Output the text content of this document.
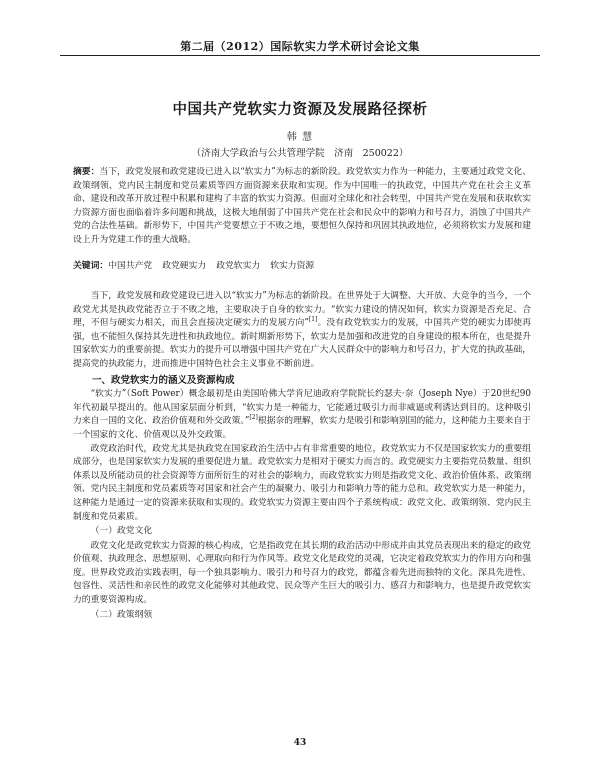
第二届（2012）国际软实力学术研讨会论文集
中国共产党软实力资源及发展路径探析
韩 慧
（济南大学政治与公共管理学院　济南　250022）
摘要：当下，政党发展和政党建设已进入以“软实力”为标志的新阶段。政党软实力作为一种能力，主要通过政党文化、政策纲领、党内民主制度和党员素质等四方面资源来获取和实现。作为中国唯一的执政党，中国共产党在社会主义革命、建设和改革开放过程中积累和建构了丰富的软实力资源。但面对全球化和社会转型，中国共产党在发展和获取软实力资源方面也面临着许多问题和挑战，这极大地削弱了中国共产党在社会和民众中的影响力和号召力，消蚀了中国共产党的合法性基础。新形势下，中国共产党要想立于不败之地，要想恒久保持和巩固其执政地位，必须将软实力发展和建设上升为党建工作的重大战略。
关键词：中国共产党 政党硬实力 政党软实力 软实力资源

当下，政党发展和政党建设已进入以“软实力”为标志的新阶段。在世界处于大调整、大开放、大竞争的当今，一个政党尤其是执政党能否立于不败之地，主要取决于自身的软实力。“软实力建设的情况如何，软实力资源是否充足、合理，不但与硬实力相关，而且会直接决定硬实力的发展方向”[1]。没有政党软实力的发展，中国共产党的硬实力即使再强，也不能恒久保持其先进性和执政地位。新时期新形势下，软实力是加强和改进党的自身建设的根本所在，也是提升国家软实力的重要前提。软实力的提升可以增强中国共产党在广大人民群众中的影响力和号召力，扩大党的执政基础，提高党的执政能力，进而推进中国特色社会主义事业不断前进。

一、政党软实力的涵义及资源构成

“软实力”（Soft Power）概念最初是由美国哈佛大学肯尼迪政府学院院长约瑟夫·奈（Joseph Nye）于20世纪90年代初最早提出的。他从国家层面分析到，“软实力是一种能力，它能通过吸引力而非威逼或利诱达到目的。这种吸引力来自一国的文化、政治价值观和外交政策。”[2]根据奈的理解，软实力是吸引和影响别国的能力，这种能力主要来自于一个国家的文化、价值观以及外交政策。

政党政治时代，政党尤其是执政党在国家政治生活中占有非常重要的地位，政党软实力不仅是国家软实力的重要组成部分，也是国家软实力发展的重要促进力量。政党软实力是相对于硬实力而言的。政党硬实力主要指党员数量、组织体系以及所能动员的社会资源等方面所衍生的对社会的影响力，而政党软实力则是指政党文化、政治价值体系、政策纲领、党内民主制度和党员素质等对国家和社会产生的凝聚力、吸引力和影响力等的能力总和。政党软实力是一种能力，这种能力是通过一定的资源来获取和实现的。政党软实力资源主要由四个子系统构成：政党文化、政策纲领、党内民主制度和党员素质。

（一）政党文化

政党文化是政党软实力资源的核心构成，它是指政党在其长期的政治活动中形成并由其党员表现出来的稳定的政党价值观、执政理念、思想原则、心理取向和行为作风等。政党文化是政党的灵魂，它决定着政党软实力的作用方向和强度。世界政党政治实践表明，每一个独具影响力、吸引力和号召力的政党，都蕴含着先进而独特的文化。深具先进性、包容性、灵活性和亲民性的政党文化能够对其他政党、民众等产生巨大的吸引力、感召力和影响力，也是提升政党软实力的重要资源构成。

（二）政策纲领
43
